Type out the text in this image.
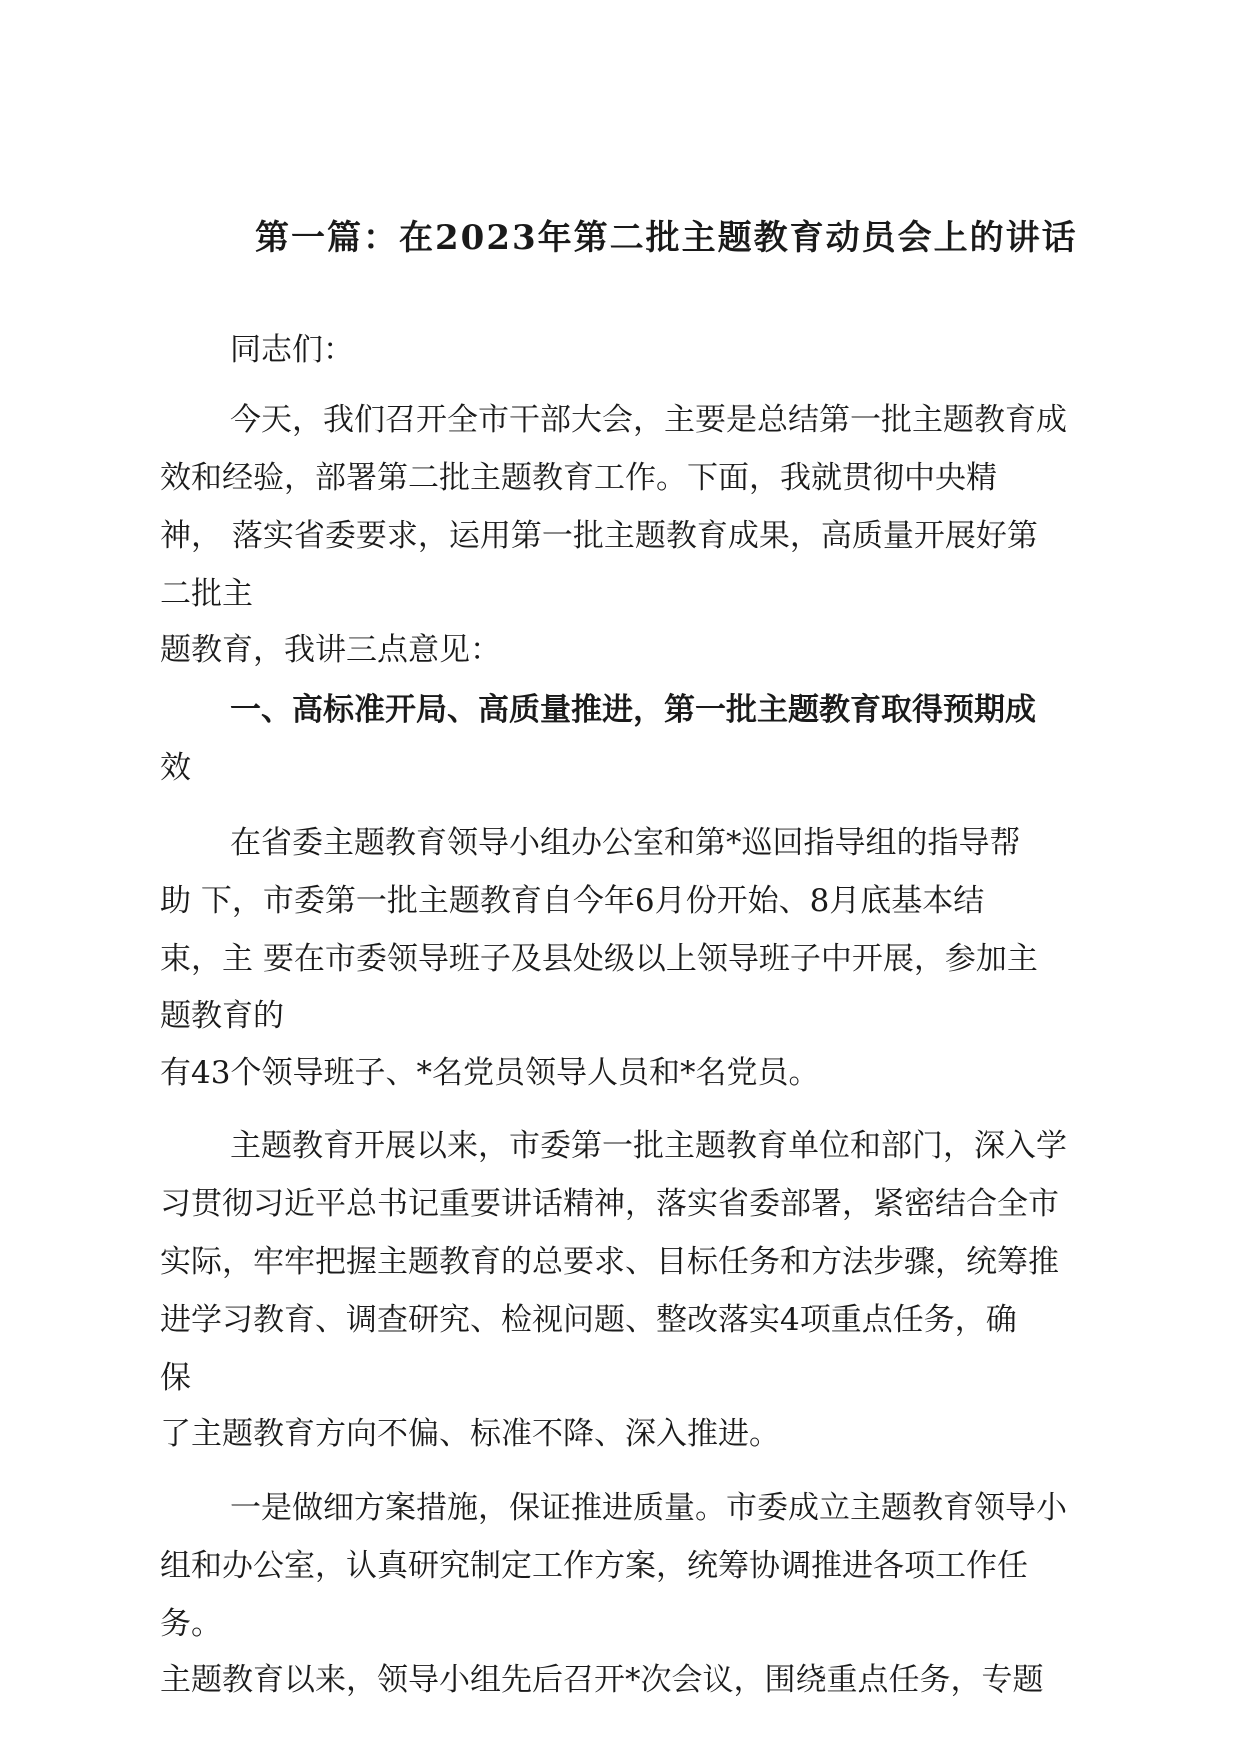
第一篇：在2023年第二批主题教育动员会上的讲话
同志们：
今天，我们召开全市干部大会，主要是总结第一批主题教育成
效和经验，部署第二批主题教育工作。下面，我就贯彻中央精
神， 落实省委要求，运用第一批主题教育成果，高质量开展好第
二批主
题教育，我讲三点意见：
一、高标准开局、高质量推进，第一批主题教育取得预期成
效
在省委主题教育领导小组办公室和第*巡回指导组的指导帮
助 下，市委第一批主题教育自今年6月份开始、8月底基本结
束，主 要在市委领导班子及县处级以上领导班子中开展，参加主
题教育的
有43个领导班子、*名党员领导人员和*名党员。
主题教育开展以来，市委第一批主题教育单位和部门，深入学
习贯彻习近平总书记重要讲话精神，落实省委部署，紧密结合全市
实际，牢牢把握主题教育的总要求、目标任务和方法步骤，统筹推
进学习教育、调查研究、检视问题、整改落实4项重点任务，确
保
了主题教育方向不偏、标准不降、深入推进。
一是做细方案措施，保证推进质量。市委成立主题教育领导小
组和办公室，认真研究制定工作方案，统筹协调推进各项工作任
务。
主题教育以来，领导小组先后召开*次会议，围绕重点任务，专题
